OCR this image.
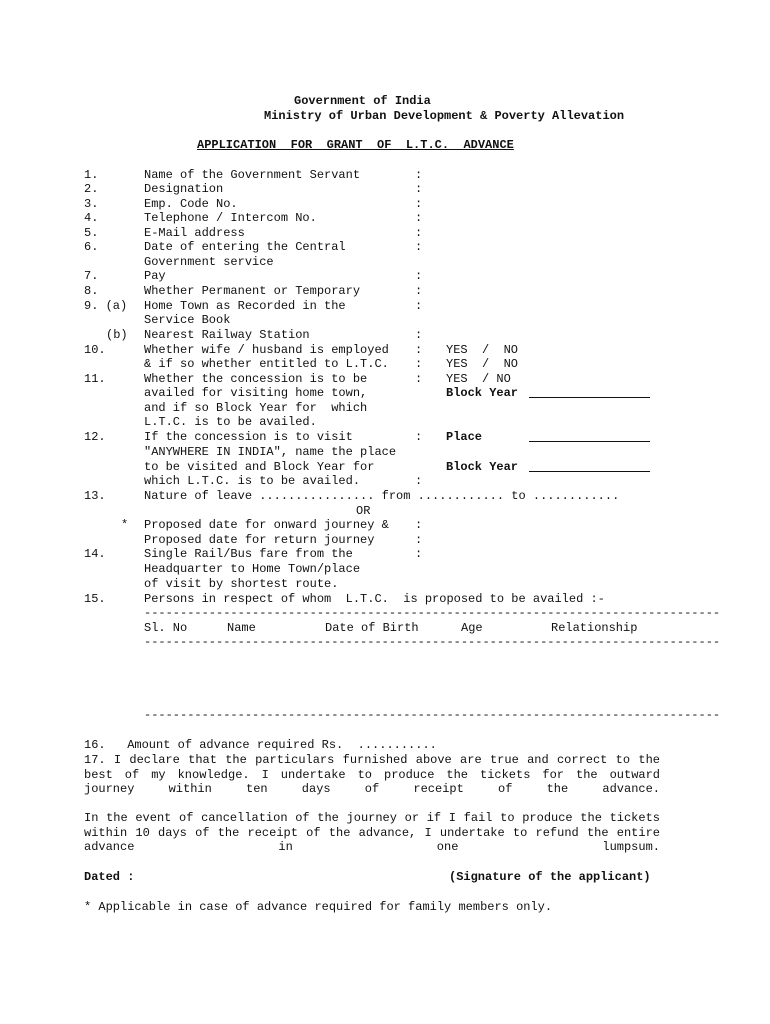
Government of India
Ministry of Urban Development & Poverty Allevation
APPLICATION  FOR  GRANT  OF  L.T.C.  ADVANCE
1.	Name of the Government Servant	:
2.	Designation	:
3.	Emp. Code No.	:
4.	Telephone / Intercom No.	:
5.	E-Mail address	:
6.	Date of entering the Central	:
Government service
7.	Pay	:
8.	Whether Permanent or Temporary	:
9. (a) Home Town as Recorded in the	:
Service Book
(b) Nearest Railway Station	:
10.	Whether wife / husband is employed : YES  /  NO
& if so whether entitled to L.T.C. : YES  /  NO
11.	Whether the concession is to be	: YES  / NO
availed for visiting home town,	Block Year
and if so Block Year for  which
L.T.C. is to be availed.
12.	If the concession is to visit	: Place
"ANYWHERE IN INDIA", name the place
to be visited and Block Year for	Block Year
which L.T.C. is to be availed.	:
13.	Nature of leave ................ from ............ to ............
OR
* Proposed date for onward journey & :
Proposed date for return journey	:
14.	Single Rail/Bus fare from the	:
Headquarter to Home Town/place
of visit by shortest route.
15.	Persons in respect of whom  L.T.C.  is proposed to be availed :-
--------------------------------------------------------------------------------
Sl. No	Name	Date of Birth	Age	Relationship
--------------------------------------------------------------------------------
--------------------------------------------------------------------------------
16.   Amount of advance required Rs.  ...........
17. I declare that the particulars furnished above are true and correct to the best of my knowledge. I undertake to produce the tickets for the outward journey within ten days of receipt of the advance.
In the event of cancellation of the journey or if I fail to produce the tickets within 10 days of the receipt of the advance, I undertake to refund the entire advance in one lumpsum.
Dated :	(Signature of the applicant)
* Applicable in case of advance required for family members only.
